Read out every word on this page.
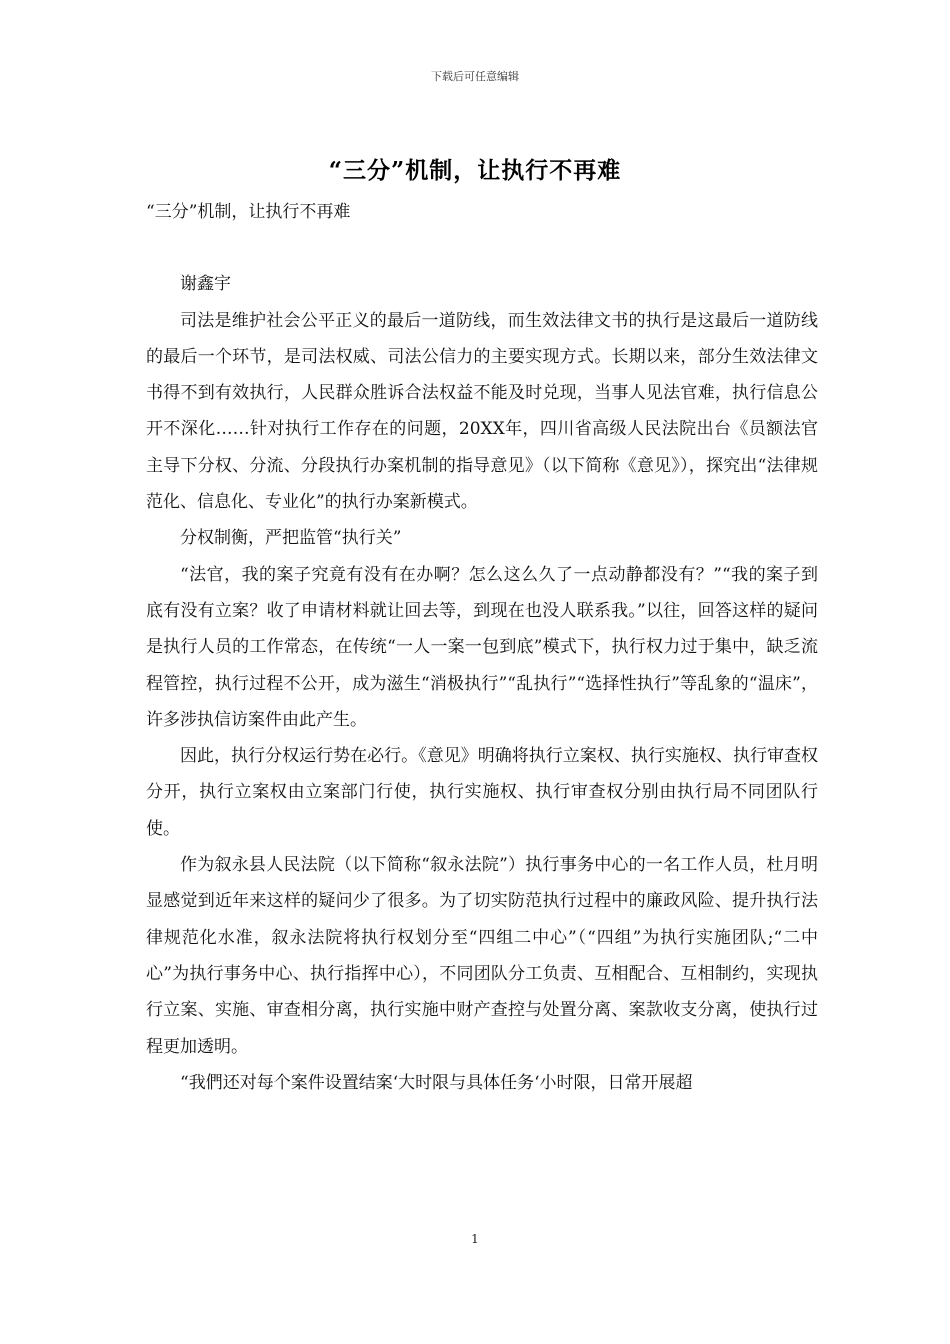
下载后可任意编辑
“三分”机制，让执行不再难

“三分”机制，让执行不再难

谢鑫宇

司法是维护社会公平正义的最后一道防线，而生效法律文书的执行是这最后一道防线的最后一个环节，是司法权威、司法公信力的主要实现方式。长期以来，部分生效法律文书得不到有效执行，人民群众胜诉合法权益不能及时兑现，当事人见法官难，执行信息公开不深化……针对执行工作存在的问题，20XX年，四川省高级人民法院出台《员额法官主导下分权、分流、分段执行办案机制的指导意见》（以下简称《意见》），探究出“法律规范化、信息化、专业化”的执行办案新模式。

分权制衡，严把监管“执行关”

“法官，我的案子究竟有没有在办啊？怎么这么久了一点动静都没有？”“我的案子到底有没有立案？收了申请材料就让回去等，到现在也没人联系我。”以往，回答这样的疑问是执行人员的工作常态，在传统“一人一案一包到底”模式下，执行权力过于集中，缺乏流程管控，执行过程不公开，成为滋生“消极执行”“乱执行”“选择性执行”等乱象的“温床”，许多涉执信访案件由此产生。

因此，执行分权运行势在必行。《意见》明确将执行立案权、执行实施权、执行审查权分开，执行立案权由立案部门行使，执行实施权、执行审查权分别由执行局不同团队行使。

作为叙永县人民法院（以下简称“叙永法院”）执行事务中心的一名工作人员，杜月明显感觉到近年来这样的疑问少了很多。为了切实防范执行过程中的廉政风险、提升执行法律规范化水准，叙永法院将执行权划分至“四组二中心”（“四组”为执行实施团队;“二中心”为执行事务中心、执行指挥中心），不同团队分工负责、互相配合、互相制约，实现执行立案、实施、审查相分离，执行实施中财产查控与处置分离、案款收支分离，使执行过程更加透明。

“我們还对每个案件设置结案‘大时限与具体任务‘小时限，日常开展超

1
